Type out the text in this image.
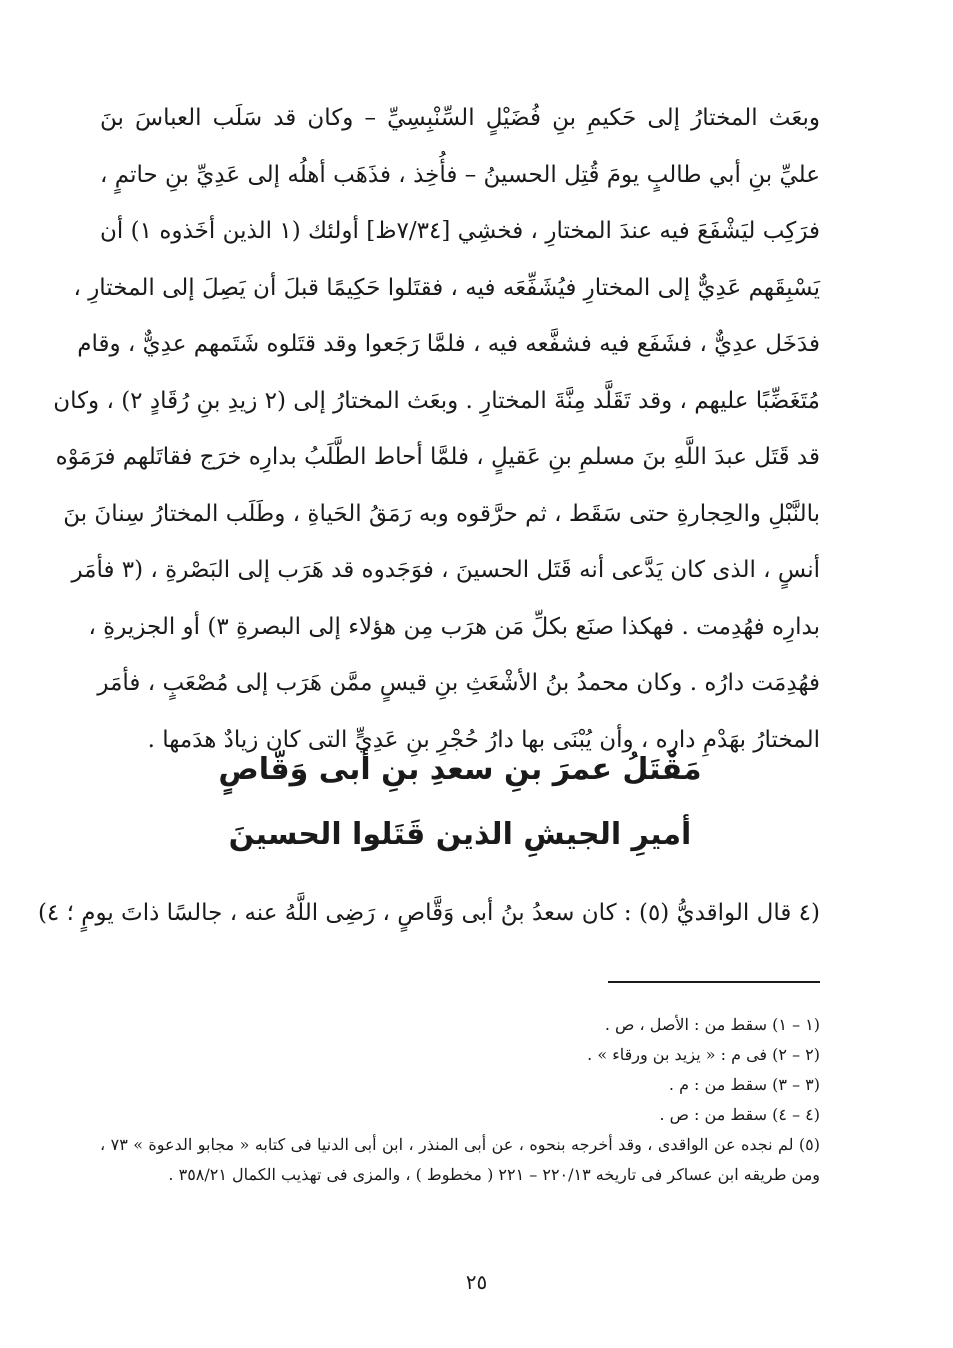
وبعَث المختارُ إلى حَكيمِ بنِ فُضَيْلٍ السِّنْبِسِيِّ – وكان قد سَلَب العباسَ بنَ
عليِّ بنِ أبي طالبٍ يومَ قُتِل الحسينُ – فأُخِذ ، فذَهَب أهلُه إلى عَدِيِّ بنِ حاتمٍ ،
فرَكِب ليَشْفَعَ فيه عندَ المختارِ ، فخشِي [٧/٣٤ظ] أولئك (١ الذين أخَذوه ١) أن
يَسْبِقَهم عَدِيٌّ إلى المختارِ فيُشَفِّعَه فيه ، فقتَلوا حَكِيمًا قبلَ أن يَصِلَ إلى المختارِ ،
فدَخَل عدِيٌّ ، فشَفَع فيه فشفَّعه فيه ، فلمَّا رَجَعوا وقد قتَلوه شَتَمهم عدِيٌّ ، وقام
مُتَغَضِّبًا عليهم ، وقد تَقَلَّد مِنَّةَ المختارِ . وبعَث المختارُ إلى (٢ زيدِ بنِ رُقَادٍ ٢) ، وكان
قد قَتَل عبدَ اللَّهِ بنَ مسلمِ بنِ عَقيلٍ ، فلمَّا أحاط الطَّلَبُ بدارِه خرَج فقاتَلهم فرَمَوْه
بالنَّبْلِ والحِجارةِ حتى سَقَط ، ثم حرَّقوه وبه رَمَقُ الحَياةِ ، وطَلَب المختارُ سِنانَ بنَ
أنسٍ ، الذى كان يَدَّعى أنه قَتَل الحسينَ ، فوَجَدوه قد هَرَب إلى البَصْرةِ ، (٣ فأمَر
بدارِه فهُدِمت . فهكذا صنَع بكلِّ مَن هرَب مِن هؤلاء إلى البصرةِ ٣) أو الجزيرةِ ،
فهُدِمَت دارُه . وكان محمدُ بنُ الأشْعَثِ بنِ قيسٍ ممَّن هَرَب إلى مُصْعَبٍ ، فأمَر
المختارُ بهَدْمِ دارِه ، وأن يُبْنَى بها دارُ حُجْرِ بنِ عَدِيٍّ التى كان زيادٌ هدَمها .
مَقْتَلُ عمرَ بنِ سعدِ بنِ أبى وَقّاصٍ
أميرِ الجيشِ الذين قَتَلوا الحسينَ
(٤ قال الواقديُّ (٥) : كان سعدُ بنُ أبى وَقَّاصٍ ، رَضِى اللَّهُ عنه ، جالسًا ذاتَ يومٍ ؛ ٤)
(١ – ١) سقط من : الأصل ، ص .
(٢ – ٢) فى م : « يزيد بن ورقاء » .
(٣ – ٣) سقط من : م .
(٤ – ٤) سقط من : ص .
(٥) لم نجده عن الواقدى ، وقد أخرجه بنحوه ، عن أبى المنذر ، ابن أبى الدنيا فى كتابه « مجابو الدعوة » ٧٣ ، ومن طريقه ابن عساكر فى تاريخه ٢٢٠/١٣ – ٢٢١ ( مخطوط ) ، والمزى فى تهذيب الكمال ٣٥٨/٢١ .
٢٥
